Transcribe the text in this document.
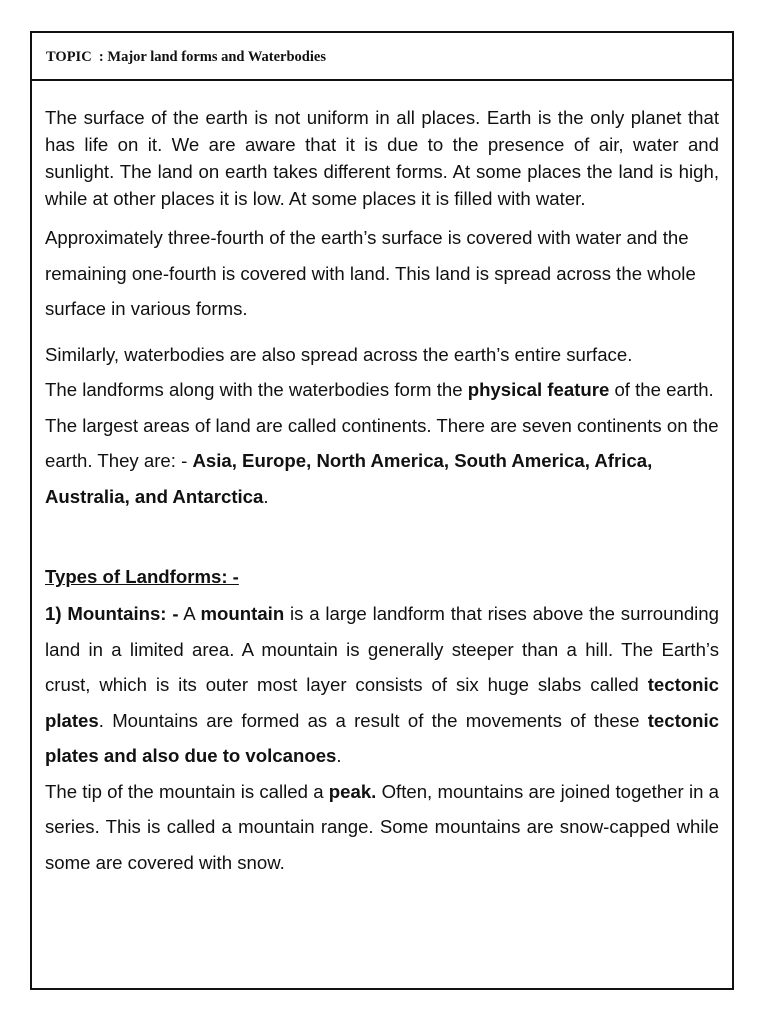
TOPIC : Major land forms and Waterbodies

The surface of the earth is not uniform in all places. Earth is the only planet that has life on it. We are aware that it is due to the presence of air, water and sunlight. The land on earth takes different forms. At some places the land is high, while at other places it is low. At some places it is filled with water.

Approximately three-fourth of the earth’s surface is covered with water and the remaining one-fourth is covered with land. This land is spread across the whole surface in various forms.

Similarly, waterbodies are also spread across the earth’s entire surface.
The landforms along with the waterbodies form the physical feature of the earth.
The largest areas of land are called continents. There are seven continents on the earth. They are: - Asia, Europe, North America, South America, Africa, Australia, and Antarctica.

Types of Landforms: -

1) Mountains: - A mountain is a large landform that rises above the surrounding land in a limited area. A mountain is generally steeper than a hill. The Earth’s crust, which is its outer most layer consists of six huge slabs called tectonic plates. Mountains are formed as a result of the movements of these tectonic plates and also due to volcanoes.
The tip of the mountain is called a peak. Often, mountains are joined together in a series. This is called a mountain range. Some mountains are snow-capped while some are covered with snow.
